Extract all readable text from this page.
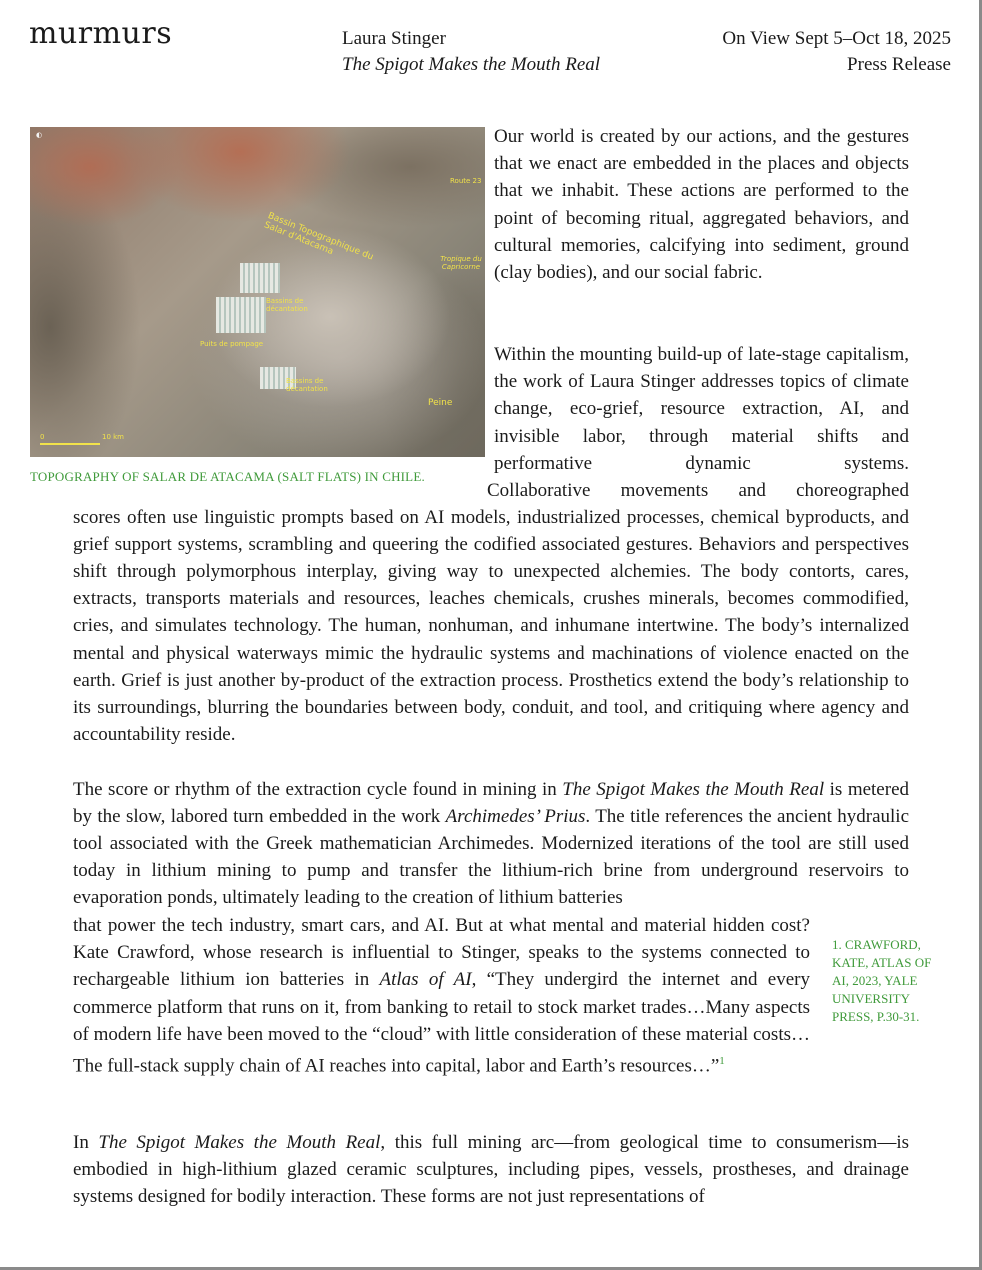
murmurs	Laura Stinger
The Spigot Makes the Mouth Real
On View Sept 5–Oct 18, 2025
Press Release
◐
Bassin Topographique du Salar d'Atacama
Route 23
Tropique du Capricorne
Bassins de décantation
Puits de pompage
Bassins de décantation
Peine
0	10 km
TOPOGRAPHY OF SALAR DE ATACAMA (SALT FLATS) IN CHILE.

Our world is created by our actions, and the gestures that we enact are embedded in the places and objects that we inhabit. These actions are performed to the point of becoming ritual, aggregated behaviors, and cultural memories, calcifying into sediment, ground (clay bodies), and our social fabric.

Within the mounting build-up of late-stage capitalism, the work of Laura Stinger addresses topics of climate change, eco-grief, resource extraction, AI, and invisible labor, through material shifts and performative dynamic systems.

Collaborative movements and choreographed

scores often use linguistic prompts based on AI models, industrialized processes, chemical byproducts, and grief support systems, scrambling and queering the codified associated gestures. Behaviors and perspectives shift through polymorphous interplay, giving way to unexpected alchemies. The body contorts, cares, extracts, transports materials and resources, leaches chemicals, crushes minerals, becomes commodified, cries, and simulates technology. The human, nonhuman, and inhumane intertwine. The body’s internalized mental and physical waterways mimic the hydraulic systems and machinations of violence enacted on the earth. Grief is just another by-product of the extraction process. Prosthetics extend the body’s relationship to its surroundings, blurring the boundaries between body, conduit, and tool, and critiquing where agency and accountability reside.

The score or rhythm of the extraction cycle found in mining in The Spigot Makes the Mouth Real is metered by the slow, labored turn embedded in the work Archimedes’ Prius. The title references the ancient hydraulic tool associated with the Greek mathematician Archimedes. Modernized iterations of the tool are still used today in lithium mining to pump and transfer the lithium-rich brine from underground reservoirs to evaporation ponds, ultimately leading to the creation of lithium batteries

that power the tech industry, smart cars, and AI. But at what mental and material hidden cost? Kate Crawford, whose research is influential to Stinger, speaks to the systems connected to rechargeable lithium ion batteries in Atlas of AI, “They undergird the internet and every commerce platform that runs on it, from banking to retail to stock market trades…Many aspects of modern life have been moved to the “cloud” with little consideration of these material costs…The full-stack supply chain of AI reaches into capital, labor and Earth’s resources…”$^1$

1. CRAWFORD, KATE, ATLAS OF AI, 2023, YALE UNIVERSITY PRESS, P.30-31.

In The Spigot Makes the Mouth Real, this full mining arc—from geological time to consumerism—is embodied in high-lithium glazed ceramic sculptures, including pipes, vessels, prostheses, and drainage systems designed for bodily interaction. These forms are not just representations of
